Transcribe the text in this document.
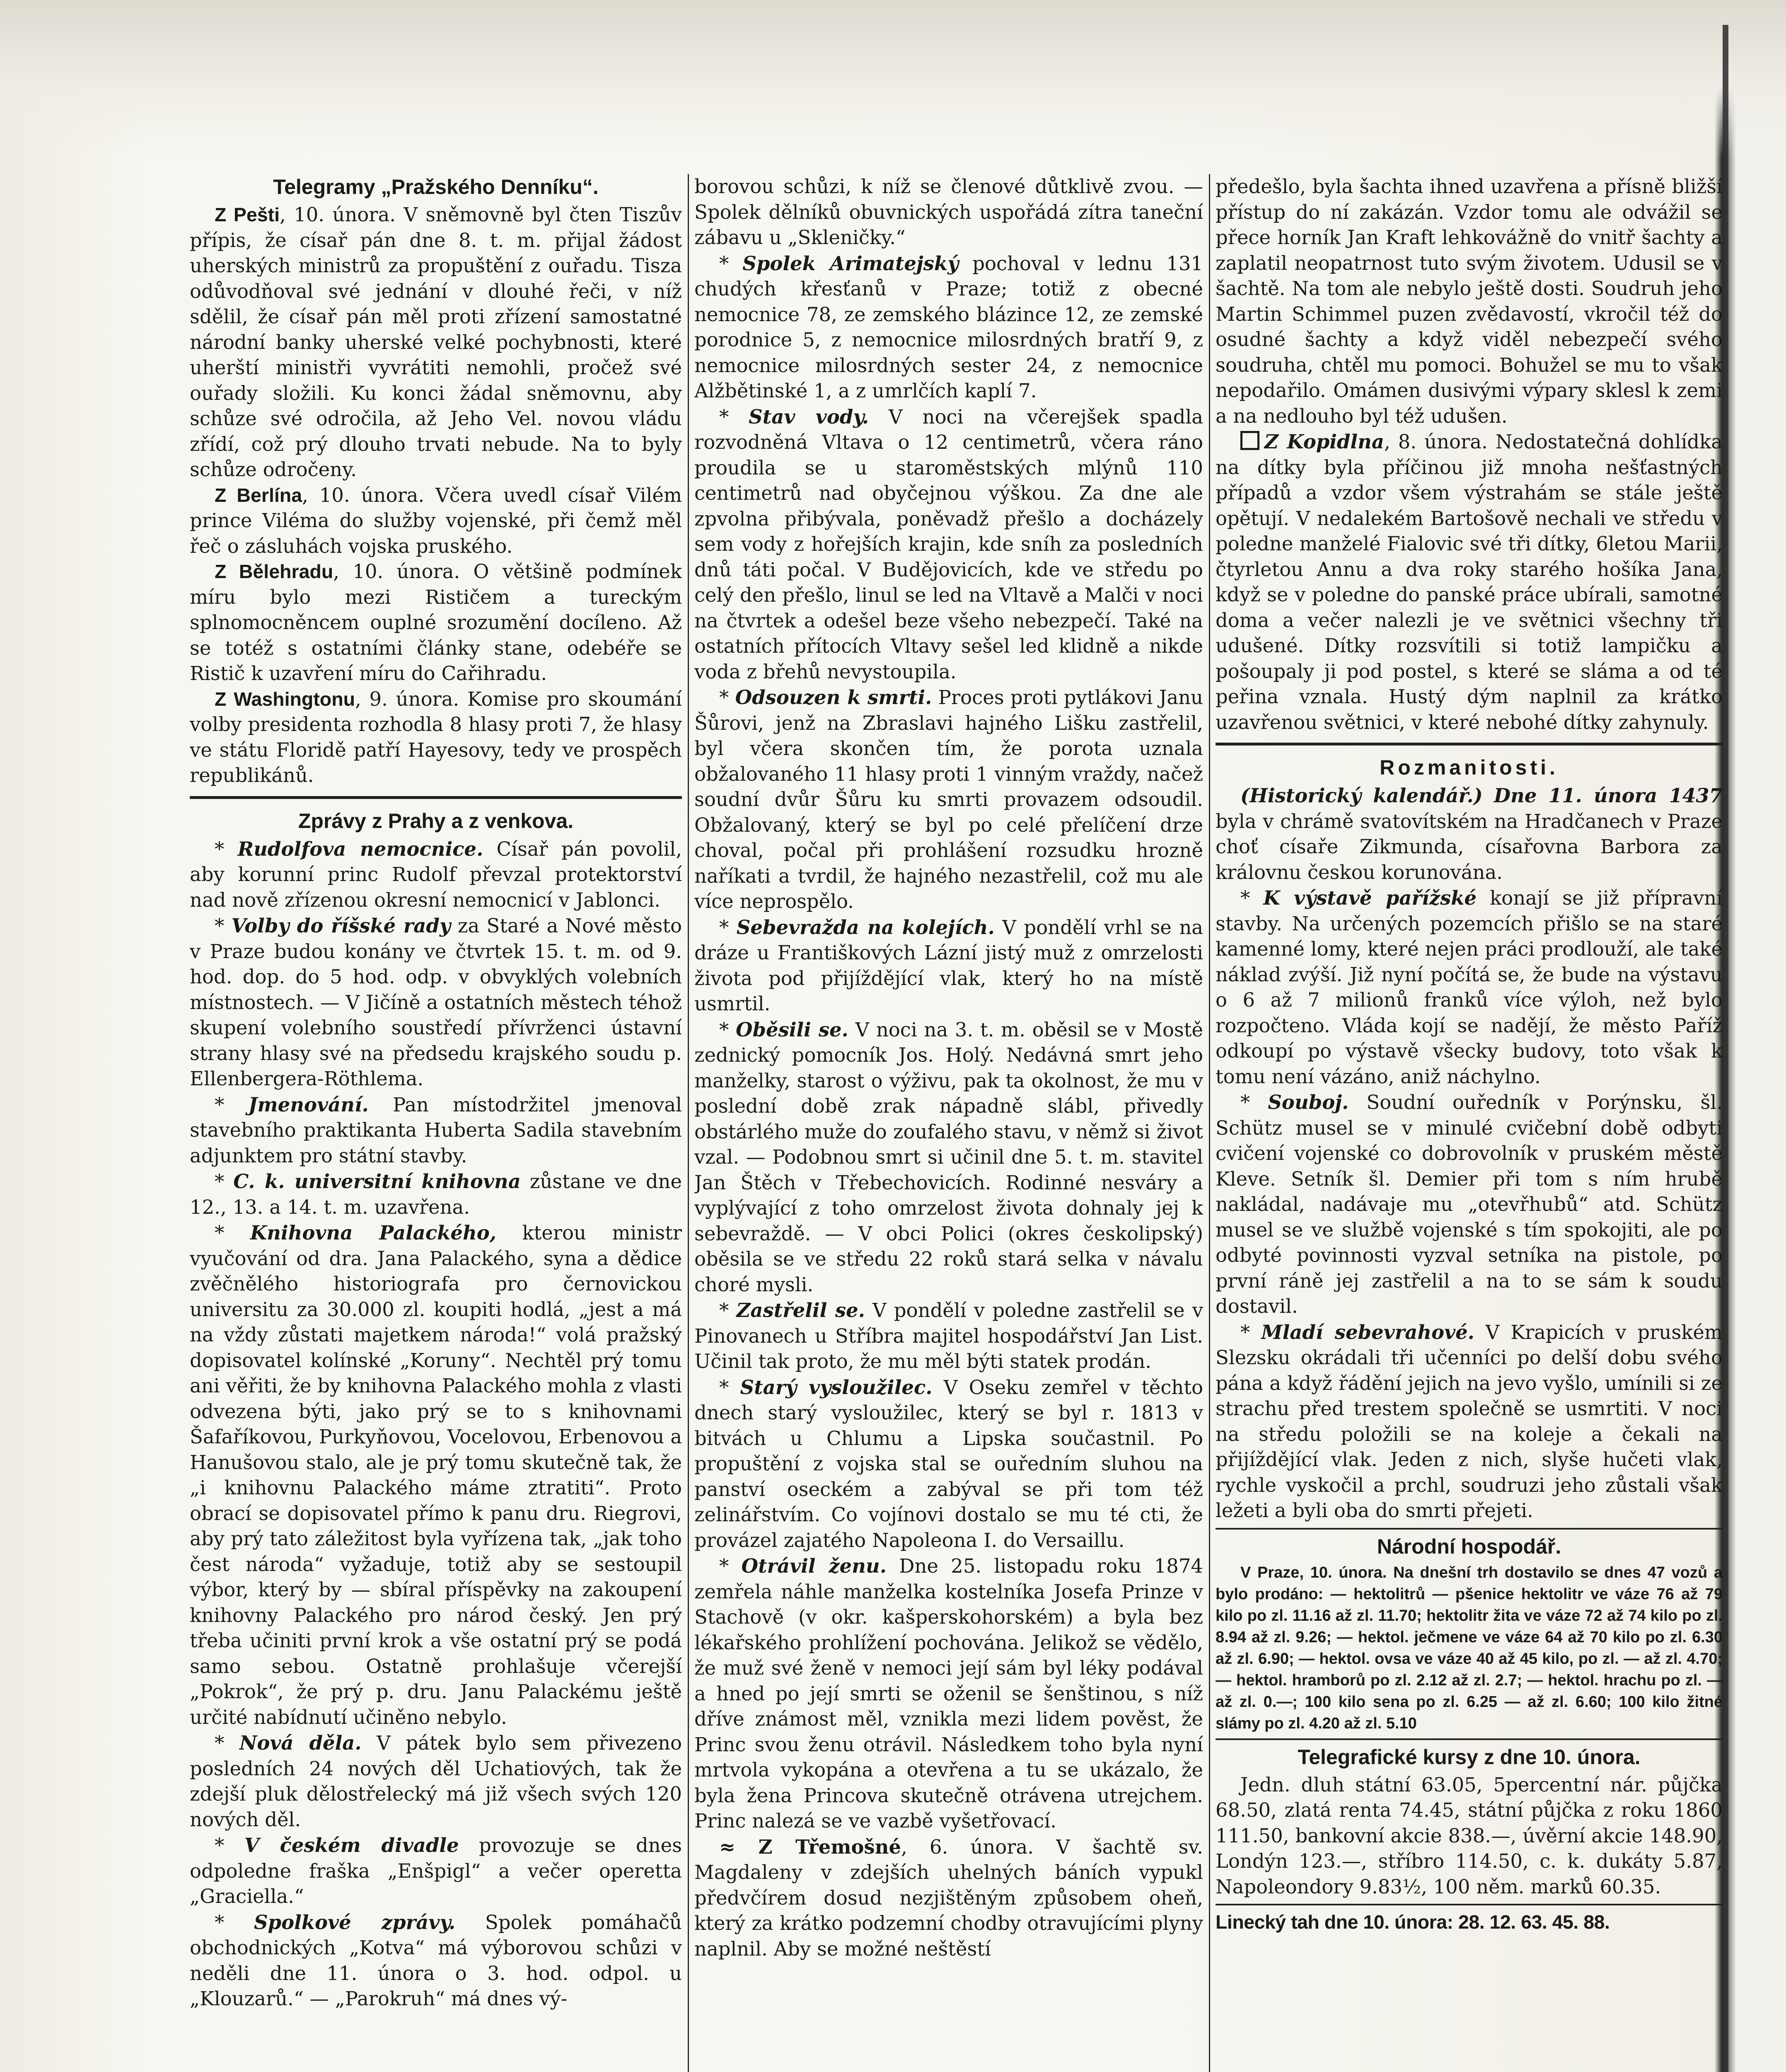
Telegramy „Pražského Denníku“.

Z Pešti, 10. února. V sněmovně byl čten Tiszův přípis, že císař pán dne 8. t. m. přijal žádost uherských ministrů za propuštění z ouřadu. Tisza odůvodňoval své jednání v dlouhé řeči, v níž sdělil, že císař pán měl proti zřízení samostatné národní banky uherské velké pochybnosti, které uherští ministři vyvrátiti nemohli, pročež své ouřady složili. Ku konci žádal sněmovnu, aby schůze své odročila, až Jeho Vel. novou vládu zřídí, což prý dlouho trvati nebude. Na to byly schůze odročeny.

Z Berlína, 10. února. Včera uvedl císař Vilém prince Viléma do služby vojenské, při čemž měl řeč o zásluhách vojska pruského.

Z Bělehradu, 10. února. O většině podmínek míru bylo mezi Rističem a tureckým splnomocněncem ouplné srozumění docíleno. Až se totéž s ostatními články stane, odebéře se Ristič k uzavření míru do Cařihradu.

Z Washingtonu, 9. února. Komise pro skoumání volby presidenta rozhodla 8 hlasy proti 7, že hlasy ve státu Floridě patří Hayesovy, tedy ve prospěch republikánů.

Zprávy z Prahy a z venkova.

* Rudolfova nemocnice. Císař pán povolil, aby korunní princ Rudolf převzal protektorství nad nově zřízenou okresní nemocnicí v Jablonci.

* Volby do říšské rady za Staré a Nové město v Praze budou konány ve čtvrtek 15. t. m. od 9. hod. dop. do 5 hod. odp. v obvyklých volebních místnostech. — V Jičíně a ostatních městech téhož skupení volebního soustředí přívrženci ústavní strany hlasy své na předsedu krajského soudu p. Ellenbergera-Röthlema.

* Jmenování. Pan místodržitel jmenoval stavebního praktikanta Huberta Sadila stavebním adjunktem pro státní stavby.

* C. k. universitní knihovna zůstane ve dne 12., 13. a 14. t. m. uzavřena.

* Knihovna Palackého, kterou ministr vyučování od dra. Jana Palackého, syna a dědice zvěčnělého historiografa pro černovickou universitu za 30.000 zl. koupiti hodlá, „jest a má na vždy zůstati majetkem národa!“ volá pražský dopisovatel kolínské „Koruny“. Nechtěl prý tomu ani věřiti, že by knihovna Palackého mohla z vlasti odvezena býti, jako prý se to s knihovnami Šafaříkovou, Purkyňovou, Vocelovou, Erbenovou a Hanušovou stalo, ale je prý tomu skutečně tak, že „i knihovnu Palackého máme ztratiti“. Proto obrací se dopisovatel přímo k panu dru. Riegrovi, aby prý tato záležitost byla vyřízena tak, „jak toho čest národa“ vyžaduje, totiž aby se sestoupil výbor, který by — sbíral příspěvky na zakoupení knihovny Palackého pro národ český. Jen prý třeba učiniti první krok a vše ostatní prý se podá samo sebou. Ostatně prohlašuje včerejší „Pokrok“, že prý p. dru. Janu Palackému ještě určité nabídnutí učiněno nebylo.

* Nová děla. V pátek bylo sem přivezeno posledních 24 nových děl Uchatiových, tak že zdejší pluk dělostřelecký má již všech svých 120 nových děl.

* V českém divadle provozuje se dnes odpoledne fraška „Enšpigl“ a večer operetta „Graciella.“

* Spolkové zprávy. Spolek pomáhačů obchodnických „Kotva“ má výborovou schůzi v neděli dne 11. února o 3. hod. odpol. u „Klouzarů.“ — „Parokruh“ má dnes vý-

borovou schůzi, k níž se členové důtklivě zvou. — Spolek dělníků obuvnických uspořádá zítra taneční zábavu u „Skleničky.“

* Spolek Arimatejský pochoval v lednu 131 chudých křesťanů v Praze; totiž z obecné nemocnice 78, ze zemského blázince 12, ze zemské porodnice 5, z nemocnice milosrdných bratří 9, z nemocnice milosrdných sester 24, z nemocnice Alžbětinské 1, a z umrlčích kaplí 7.

* Stav vody. V noci na včerejšek spadla rozvodněná Vltava o 12 centimetrů, včera ráno proudila se u staroměstských mlýnů 110 centimetrů nad obyčejnou výškou. Za dne ale zpvolna přibývala, poněvadž přešlo a docházely sem vody z hořejších krajin, kde sníh za posledních dnů táti počal. V Budějovicích, kde ve středu po celý den přešlo, linul se led na Vltavě a Malči v noci na čtvrtek a odešel beze všeho nebezpečí. Také na ostatních přítocích Vltavy sešel led klidně a nikde voda z břehů nevystoupila.

* Odsouzen k smrti. Proces proti pytlákovi Janu Šůrovi, jenž na Zbraslavi hajného Lišku zastřelil, byl včera skončen tím, že porota uznala obžalovaného 11 hlasy proti 1 vinným vraždy, načež soudní dvůr Šůru ku smrti provazem odsoudil. Obžalovaný, který se byl po celé přelíčení drze choval, počal při prohlášení rozsudku hrozně naříkati a tvrdil, že hajného nezastřelil, což mu ale více neprospělo.

* Sebevražda na kolejích. V pondělí vrhl se na dráze u Františkových Lázní jistý muž z omrzelosti života pod přijíždějící vlak, který ho na místě usmrtil.

* Oběsili se. V noci na 3. t. m. oběsil se v Mostě zednický pomocník Jos. Holý. Nedávná smrt jeho manželky, starost o výživu, pak ta okolnost, že mu v poslední době zrak nápadně slábl, přivedly obstárlého muže do zoufalého stavu, v němž si život vzal. — Podobnou smrt si učinil dne 5. t. m. stavitel Jan Štěch v Třebechovicích. Rodinné nesváry a vyplývající z toho omrzelost života dohnaly jej k sebevraždě. — V obci Polici (okres českolipský) oběsila se ve středu 22 roků stará selka v návalu choré mysli.

* Zastřelil se. V pondělí v poledne zastřelil se v Pinovanech u Stříbra majitel hospodářství Jan List. Učinil tak proto, že mu měl býti statek prodán.

* Starý vysloužilec. V Oseku zemřel v těchto dnech starý vysloužilec, který se byl r. 1813 v bitvách u Chlumu a Lipska součastnil. Po propuštění z vojska stal se ouředním sluhou na panství oseckém a zabýval se při tom též zelinářstvím. Co vojínovi dostalo se mu té cti, že provázel zajatého Napoleona I. do Versaillu.

* Otrávil ženu. Dne 25. listopadu roku 1874 zemřela náhle manželka kostelníka Josefa Prinze v Stachově (v okr. kašperskohorském) a byla bez lékařského prohlížení pochována. Jelikož se vědělo, že muž své ženě v nemoci její sám byl léky podával a hned po její smrti se oženil se šenštinou, s níž dříve známost měl, vznikla mezi lidem pověst, že Princ svou ženu otrávil. Následkem toho byla nyní mrtvola vykopána a otevřena a tu se ukázalo, že byla žena Princova skutečně otrávena utrejchem. Princ nalezá se ve vazbě vyšetřovací.

≈ Z Třemošné, 6. února. V šachtě sv. Magdaleny v zdejších uhelných báních vypukl předvčírem dosud nezjištěným způsobem oheň, který za krátko podzemní chodby otravujícími plyny naplnil. Aby se možné neštěstí

předešlo, byla šachta ihned uzavřena a přísně bližší přístup do ní zakázán. Vzdor tomu ale odvážil se přece horník Jan Kraft lehkovážně do vnitř šachty a zaplatil neopatrnost tuto svým životem. Udusil se v šachtě. Na tom ale nebylo ještě dosti. Soudruh jeho Martin Schimmel puzen zvědavostí, vkročil též do osudné šachty a když viděl nebezpečí svého soudruha, chtěl mu pomoci. Bohužel se mu to však nepodařilo. Omámen dusivými výpary sklesl k zemi a na nedlouho byl též udušen.

Z Kopidlna, 8. února. Nedostatečná dohlídka na dítky byla příčinou již mnoha nešťastných případů a vzdor všem výstrahám se stále ještě opětují. V nedalekém Bartošově nechali ve středu v poledne manželé Fialovic své tři dítky, 6letou Marii, čtyrletou Annu a dva roky starého hošíka Jana, když se v poledne do panské práce ubírali, samotné doma a večer nalezli je ve světnici všechny tři udušené. Dítky rozsvítili si totiž lampičku a pošoupaly ji pod postel, s které se sláma a od té peřina vznala. Hustý dým naplnil za krátko uzavřenou světnici, v které nebohé dítky zahynuly.

Rozmanitosti.

(Historický kalendář.) Dne 11. února 1437 byla v chrámě svatovítském na Hradčanech v Praze choť císaře Zikmunda, císařovna Barbora za královnu českou korunována.

* K výstavě pařížské konají se již přípravní stavby. Na určených pozemcích přišlo se na staré kamenné lomy, které nejen práci prodlouží, ale také náklad zvýší. Již nyní počítá se, že bude na výstavu o 6 až 7 milionů franků více výloh, než bylo rozpočteno. Vláda kojí se nadějí, že město Paříž odkoupí po výstavě všecky budovy, toto však k tomu není vázáno, aniž náchylno.

* Souboj. Soudní ouředník v Porýnsku, šl. Schütz musel se v minulé cvičební době odbyti cvičení vojenské co dobrovolník v pruském městě Kleve. Setník šl. Demier při tom s ním hrubě nakládal, nadávaje mu „otevřhubů“ atd. Schütz musel se ve službě vojenské s tím spokojiti, ale po odbyté povinnosti vyzval setníka na pistole, po první ráně jej zastřelil a na to se sám k soudu dostavil.

* Mladí sebevrahové. V Krapicích v pruském Slezsku okrádali tři učenníci po delší dobu svého pána a když řádění jejich na jevo vyšlo, umínili si ze strachu před trestem společně se usmrtiti. V noci na středu položili se na koleje a čekali na přijíždějící vlak. Jeden z nich, slyše hučeti vlak, rychle vyskočil a prchl, soudruzi jeho zůstali však ležeti a byli oba do smrti přejeti.

Národní hospodář.

V Praze, 10. února. Na dnešní trh dostavilo se dnes 47 vozů a bylo prodáno: — hektolitrů — pšenice hektolitr ve váze 76 až 79 kilo po zl. 11.16 až zl. 11.70; hektolitr žita ve váze 72 až 74 kilo po zl. 8.94 až zl. 9.26; — hektol. ječmene ve váze 64 až 70 kilo po zl. 6.30 až zl. 6.90; — hektol. ovsa ve váze 40 až 45 kilo, po zl. — až zl. 4.70; — hektol. hramborů po zl. 2.12 až zl. 2.7; — hektol. hrachu po zl. — až zl. 0.—; 100 kilo sena po zl. 6.25 — až zl. 6.60; 100 kilo žitné slámy po zl. 4.20 až zl. 5.10

Telegrafické kursy z dne 10. února.

Jedn. dluh státní 63.05, 5percentní nár. půjčka 68.50, zlatá renta 74.45, státní půjčka z roku 1860 111.50, bankovní akcie 838.—, úvěrní akcie 148.90, Londýn 123.—, stříbro 114.50, c. k. dukáty 5.87, Napoleondory 9.83½, 100 něm. marků 60.35.

Linecký tah dne 10. února: 28. 12. 63. 45. 88.
